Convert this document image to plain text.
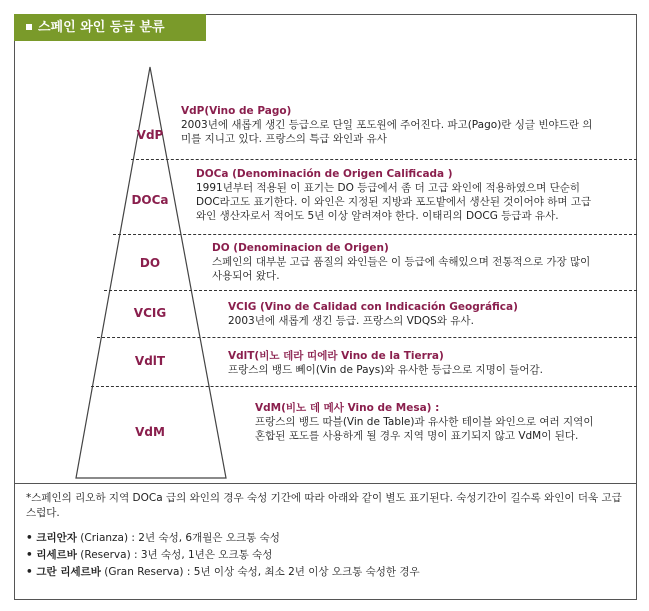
스페인 와인 등급 분류
VdP
DOCa
DO
VCIG
VdlT
VdM
VdP(Vino de Pago)
2003년에 새롭게 생긴 등급으로 단일 포도원에 주어진다. 파고(Pago)란 싱글 빈야드란 의
미를 지니고 있다. 프랑스의 특급 와인과 유사
DOCa (Denominación de Origen Calificada )
1991년부터 적용된 이 표기는 DO 등급에서 좀 더 고급 와인에 적용하였으며 단순히
DOC라고도 표기한다. 이 와인은 지정된 지방과 포도밭에서 생산된 것이어야 하며 고급
와인 생산자로서 적어도 5년 이상 알려져야 한다. 이태리의 DOCG 등급과 유사.
DO (Denominacion de Origen)
스페인의 대부분 고급 품질의 와인들은 이 등급에 속해있으며 전통적으로 가장 많이
사용되어 왔다.
VCIG (Vino de Calidad con Indicación Geográfica)
2003년에 새롭게 생긴 등급. 프랑스의 VDQS와 유사.
VdlT(비노 데라 띠에라 Vino de la Tierra)
프랑스의 뱅드 뻬이(Vin de Pays)와 유사한 등급으로 지명이 들어감.
VdM(비노 데 메사 Vino de Mesa) :
프랑스의 뱅드 따블(Vin de Table)과 유사한 테이블 와인으로 여러 지역이
혼합된 포도를 사용하게 될 경우 지역 명이 표기되지 않고 VdM이 된다.
*스페인의 리오하 지역 DOCa 급의 와인의 경우 숙성 기간에 따라 아래와 같이 별도 표기된다. 숙성기간이 길수록 와인이 더욱 고급스럽다.
• 크리안자 (Crianza) : 2년 숙성, 6개월은 오크통 숙성
• 리세르바 (Reserva) : 3년 숙성, 1년은 오크통 숙성
• 그란 리세르바 (Gran Reserva) : 5년 이상 숙성, 최소 2년 이상 오크통 숙성한 경우
